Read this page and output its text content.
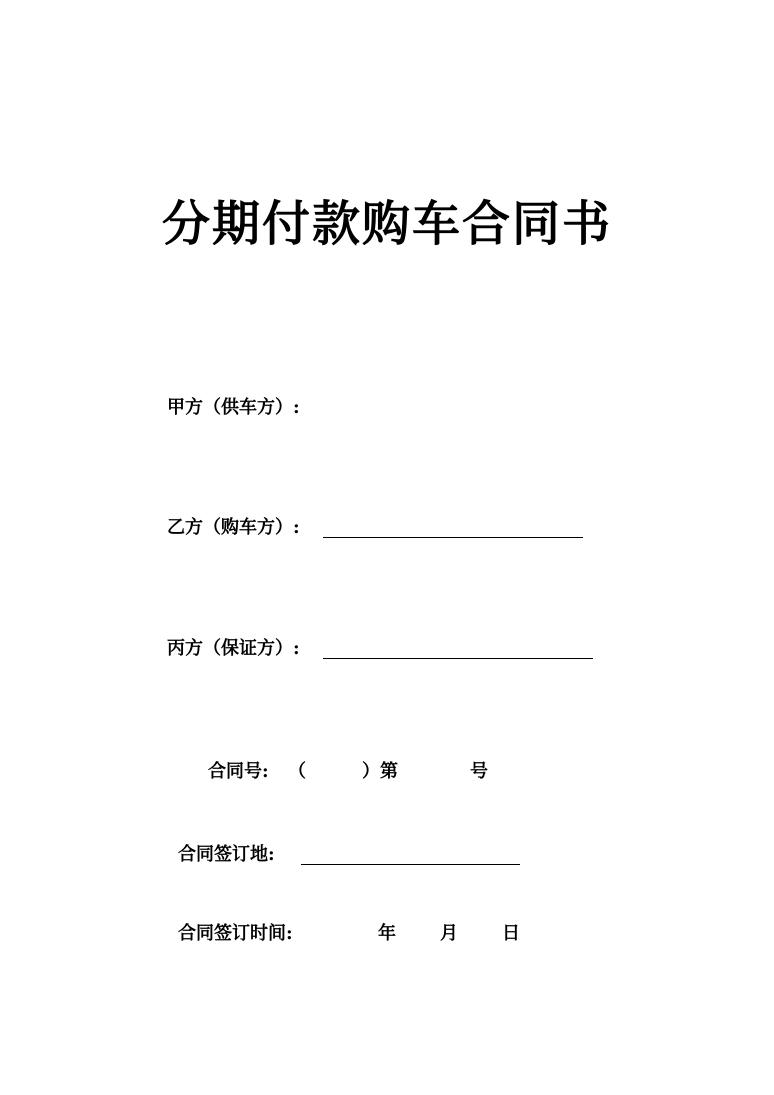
分期付款购车合同书
甲方（供车方）:
乙方（购车方）:
丙方（保证方）:
合同号: （	）第	号
合同签订地:
合同签订时间:	年 月 日
